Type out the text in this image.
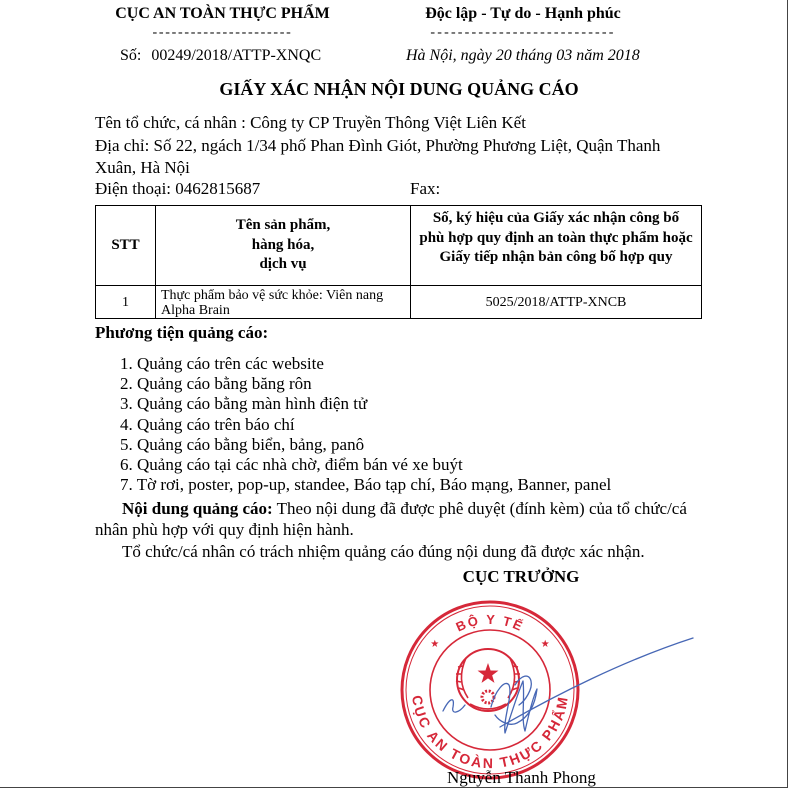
CỤC AN TOÀN THỰC PHẨM
----------------------
Độc lập - Tự do - Hạnh phúc
---------------------------
Số: 00249/2018/ATTP-XNQC	Hà Nội, ngày 20 tháng 03 năm 2018
GIẤY XÁC NHẬN NỘI DUNG QUẢNG CÁO
Tên tổ chức, cá nhân : Công ty CP Truyền Thông Việt Liên Kết
Địa chỉ: Số 22, ngách 1/34 phố Phan Đình Giót, Phường Phương Liệt, Quận Thanh
Xuân, Hà Nội
Điện thoại: 0462815687	Fax:
STT	Tên sản phẩm,
hàng hóa,
dịch vụ	Số, ký hiệu của Giấy xác nhận công bố
phù hợp quy định an toàn thực phẩm hoặc
Giấy tiếp nhận bản công bố hợp quy
1	Thực phẩm bảo vệ sức khỏe: Viên nang Alpha Brain	5025/2018/ATTP-XNCB
Phương tiện quảng cáo:
1. Quảng cáo trên các website
2. Quảng cáo bằng băng rôn
3. Quảng cáo bằng màn hình điện tử
4. Quảng cáo trên báo chí
5. Quảng cáo bằng biển, bảng, panô
6. Quảng cáo tại các nhà chờ, điểm bán vé xe buýt
7. Tờ rơi, poster, pop-up, standee, Báo tạp chí, Báo mạng, Banner, panel
Nội dung quảng cáo: Theo nội dung đã được phê duyệt (đính kèm) của tổ chức/cá
nhân phù hợp với quy định hiện hành.
Tổ chức/cá nhân có trách nhiệm quảng cáo đúng nội dung đã được xác nhận.
CỤC TRƯỞNG
BỘ Y TẾ
CỤC AN TOÀN THỰC PHẨM
Nguyễn Thanh Phong
